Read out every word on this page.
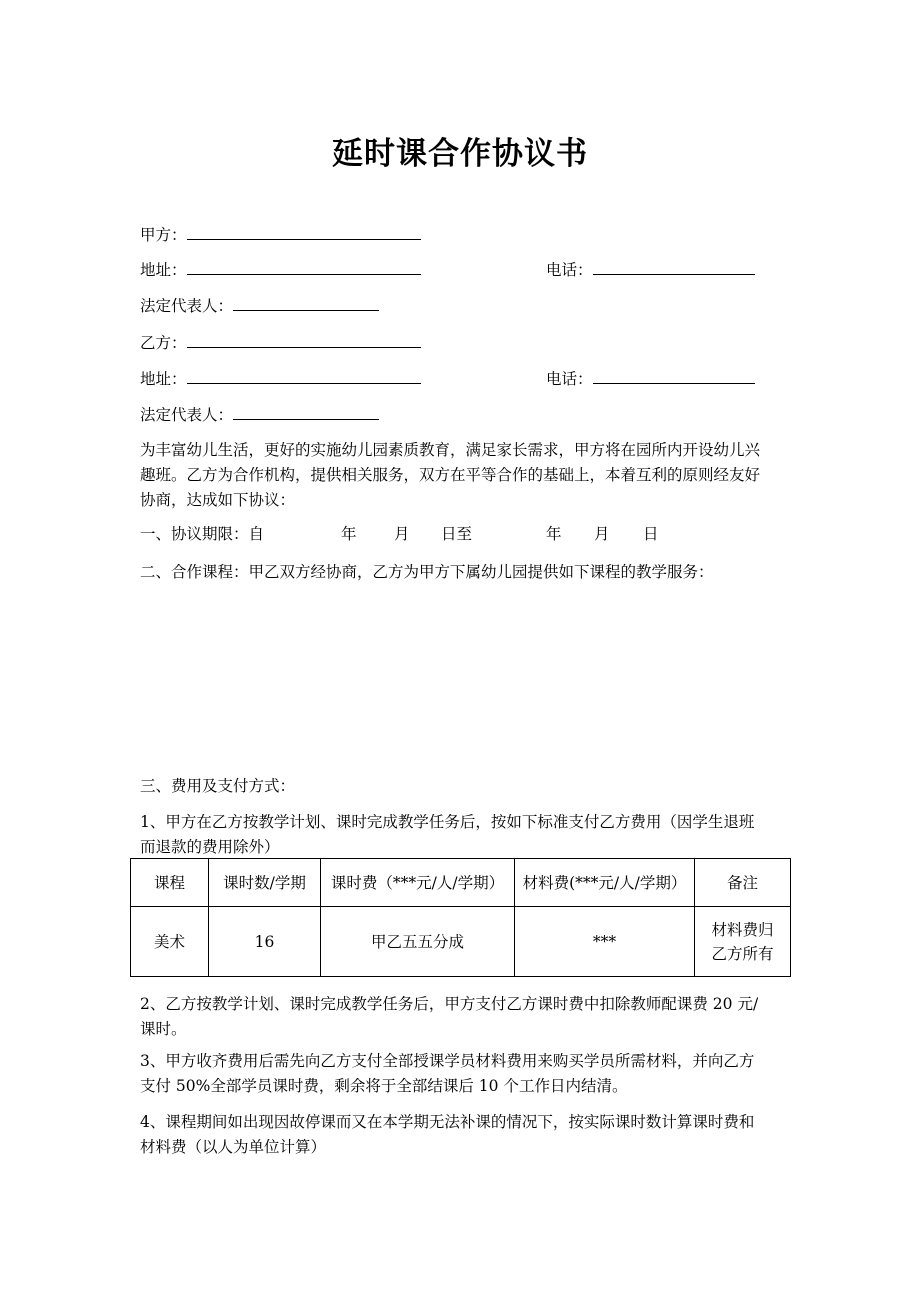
延时课合作协议书
甲方：
地址：	电话：
法定代表人：
乙方：
地址：	电话：
法定代表人：
为丰富幼儿生活，更好的实施幼儿园素质教育，满足家长需求，甲方将在园所内开设幼儿兴
趣班。乙方为合作机构，提供相关服务，双方在平等合作的基础上，本着互利的原则经友好
协商，达成如下协议：
一、协议期限：自	年 月 日至	年 月 日
二、合作课程：甲乙双方经协商，乙方为甲方下属幼儿园提供如下课程的教学服务：
三、费用及支付方式：
1、甲方在乙方按教学计划、课时完成教学任务后，按如下标准支付乙方费用（因学生退班
而退款的费用除外）
课程	课时数/学期	课时费（***元/人/学期）	材料费(***元/人/学期）	备注
美术	16	甲乙五五分成	***	材料费归
乙方所有
2、乙方按教学计划、课时完成教学任务后，甲方支付乙方课时费中扣除教师配课费 20 元/
课时。
3、甲方收齐费用后需先向乙方支付全部授课学员材料费用来购买学员所需材料，并向乙方
支付 50%全部学员课时费，剩余将于全部结课后 10 个工作日内结清。
4、课程期间如出现因故停课而又在本学期无法补课的情况下，按实际课时数计算课时费和
材料费（以人为单位计算）
